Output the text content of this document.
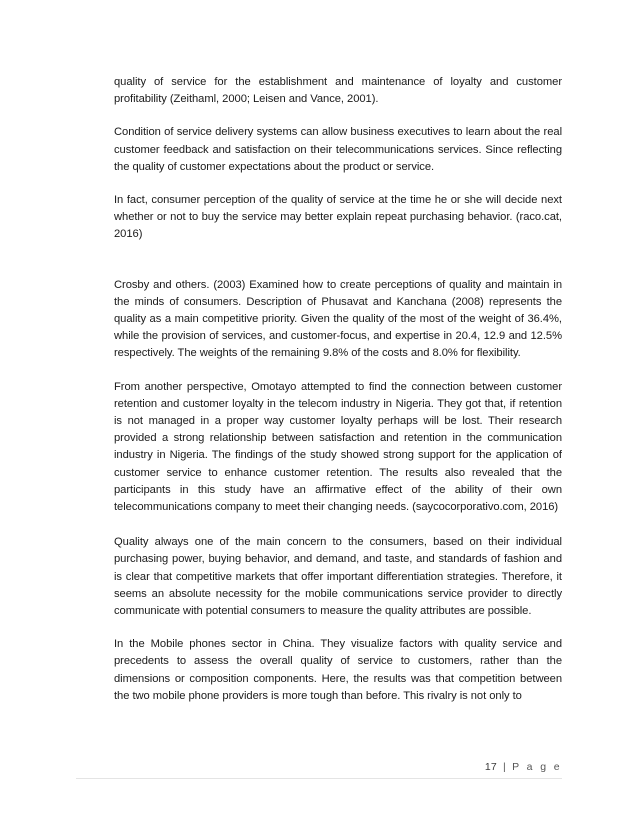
quality of service for the establishment and maintenance of loyalty and customer profitability (Zeithaml, 2000; Leisen and Vance, 2001).

Condition of service delivery systems can allow business executives to learn about the real customer feedback and satisfaction on their telecommunications services. Since reflecting the quality of customer expectations about the product or service.

In fact, consumer perception of the quality of service at the time he or she will decide next whether or not to buy the service may better explain repeat purchasing behavior. (raco.cat, 2016)

Crosby and others. (2003) Examined how to create perceptions of quality and maintain in the minds of consumers. Description of Phusavat and Kanchana (2008) represents the quality as a main competitive priority. Given the quality of the most of the weight of 36.4%, while the provision of services, and customer-focus, and expertise in 20.4, 12.9 and 12.5% respectively. The weights of the remaining 9.8% of the costs and 8.0% for flexibility.

From another perspective, Omotayo attempted to find the connection between customer retention and customer loyalty in the telecom industry in Nigeria. They got that, if retention is not managed in a proper way customer loyalty perhaps will be lost. Their research provided a strong relationship between satisfaction and retention in the communication industry in Nigeria. The findings of the study showed strong support for the application of customer service to enhance customer retention. The results also revealed that the participants in this study have an affirmative effect of the ability of their own telecommunications company to meet their changing needs. (saycocorporativo.com, 2016)

Quality always one of the main concern to the consumers, based on their individual purchasing power, buying behavior, and demand, and taste, and standards of fashion and is clear that competitive markets that offer important differentiation strategies. Therefore, it seems an absolute necessity for the mobile communications service provider to directly communicate with potential consumers to measure the quality attributes are possible.

In the Mobile phones sector in China. They visualize factors with quality service and precedents to assess the overall quality of service to customers, rather than the dimensions or composition components. Here, the results was that competition between the two mobile phone providers is more tough than before. This rivalry is not only to

17 | P a g e
